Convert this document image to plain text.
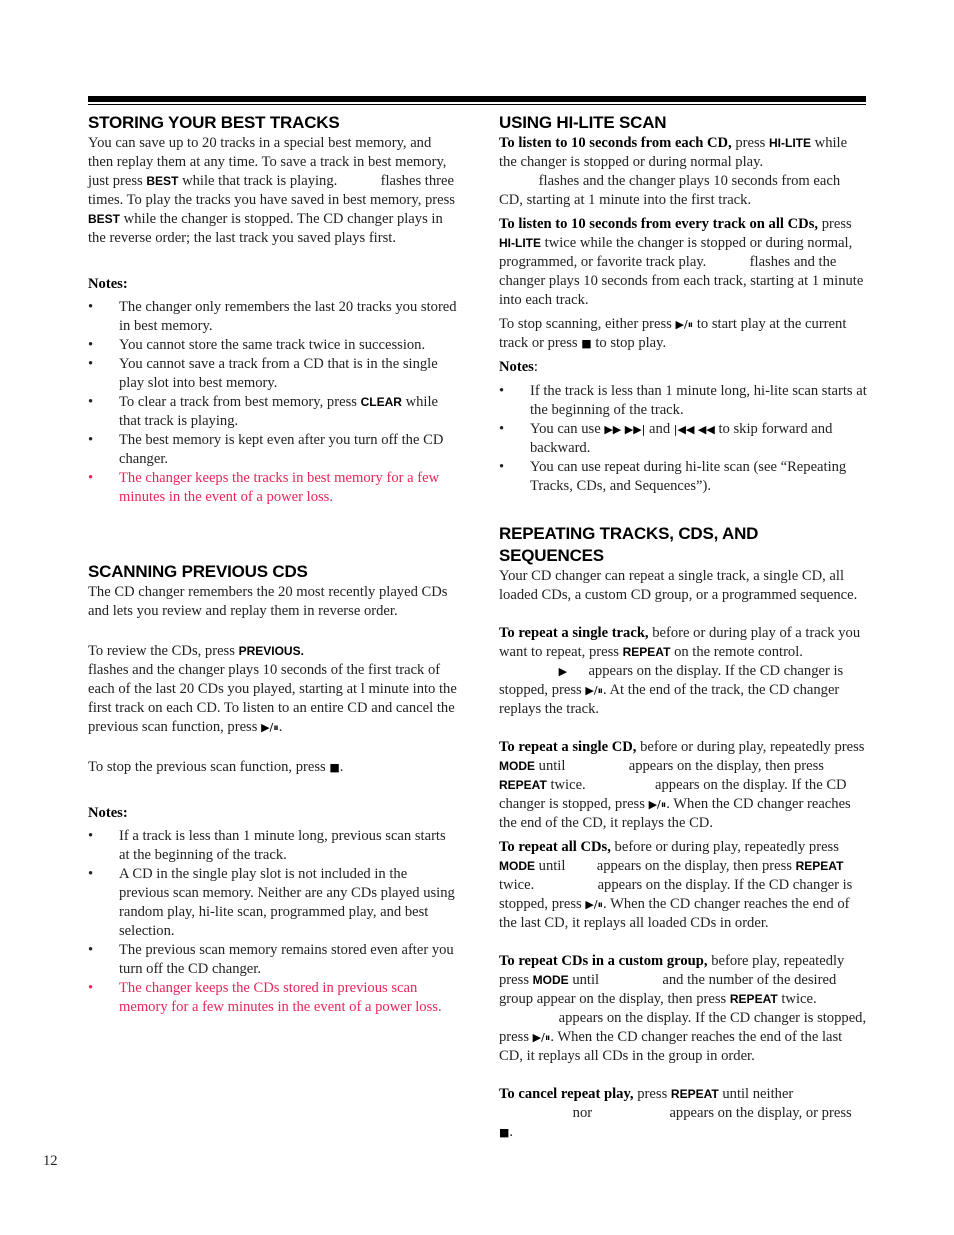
STORING YOUR BEST TRACKS

You can save up to 20 tracks in a special best memory, and then replay them at any time. To save a track in best memory, just press BEST while that track is playing.	flashes three times. To play the tracks you have saved in best memory, press BEST while the changer is stopped. The CD changer plays in the reverse order; the last track you saved plays first.

Notes:

• The changer only remembers the last 20 tracks you stored in best memory.
• You cannot store the same track twice in succession.
• You cannot save a track from a CD that is in the single play slot into best memory.
• To clear a track from best memory, press CLEAR while that track is playing.
• The best memory is kept even after you turn off the CD changer.
• The changer keeps the tracks in best memory for a few minutes in the event of a power loss.
SCANNING PREVIOUS CDS

The CD changer remembers the 20 most recently played CDs and lets you review and replay them in reverse order.

To review the CDs, press PREVIOUS.
flashes and the changer plays 10 seconds of the first track of each of the last 20 CDs you played, starting at l minute into the first track on each CD. To listen to an entire CD and cancel the previous scan function, press ▶/⏸.

To stop the previous scan function, press ■.

Notes:

• If a track is less than 1 minute long, previous scan starts at the beginning of the track.
• A CD in the single play slot is not included in the previous scan memory. Neither are any CDs played using random play, hi-lite scan, programmed play, and best selection.
• The previous scan memory remains stored even after you turn off the CD changer.
• The changer keeps the CDs stored in previous scan memory for a few minutes in the event of a power loss.
USING HI-LITE SCAN

To listen to 10 seconds from each CD, press HI-LITE while the changer is stopped or during normal play.
flashes and the changer plays 10 seconds from each CD, starting at 1 minute into the first track.

To listen to 10 seconds from every track on all CDs, press HI-LITE twice while the changer is stopped or during normal, programmed, or favorite track play.	flashes and the changer plays 10 seconds from each track, starting at 1 minute into each track.

To stop scanning, either press ▶/⏸ to start play at the current track or press ■ to stop play.

Notes:

• If the track is less than 1 minute long, hi-lite scan starts at the beginning of the track.
• You can use ▶▶ ▶▶| and |◀◀ ◀◀ to skip forward and backward.
• You can use repeat during hi-lite scan (see “Repeating Tracks, CDs, and Sequences”).
REPEATING TRACKS, CDS, AND SEQUENCES

Your CD changer can repeat a single track, a single CD, all loaded CDs, a custom CD group, or a programmed sequence.

To repeat a single track, before or during play of a track you want to repeat, press REPEAT on the remote control.
▶ appears on the display. If the CD changer is stopped, press ▶/⏸. At the end of the track, the CD changer replays the track.

To repeat a single CD, before or during play, repeatedly press MODE until	appears on the display, then press REPEAT twice.	appears on the display. If the CD changer is stopped, press ▶/⏸. When the CD changer reaches the end of the CD, it replays the CD.

To repeat all CDs, before or during play, repeatedly press MODE until appears on the display, then press REPEAT twice.	appears on the display. If the CD changer is stopped, press ▶/⏸. When the CD changer reaches the end of the last CD, it replays all loaded CDs in order.

To repeat CDs in a custom group, before play, repeatedly press MODE until	and the number of the desired group appear on the display, then press REPEAT twice.  appears on the display. If the CD changer is stopped, press ▶/⏸. When the CD changer reaches the end of the last CD, it replays all CDs in the group in order.

To cancel repeat play, press REPEAT until neither
nor	appears on the display, or press ■.

12
